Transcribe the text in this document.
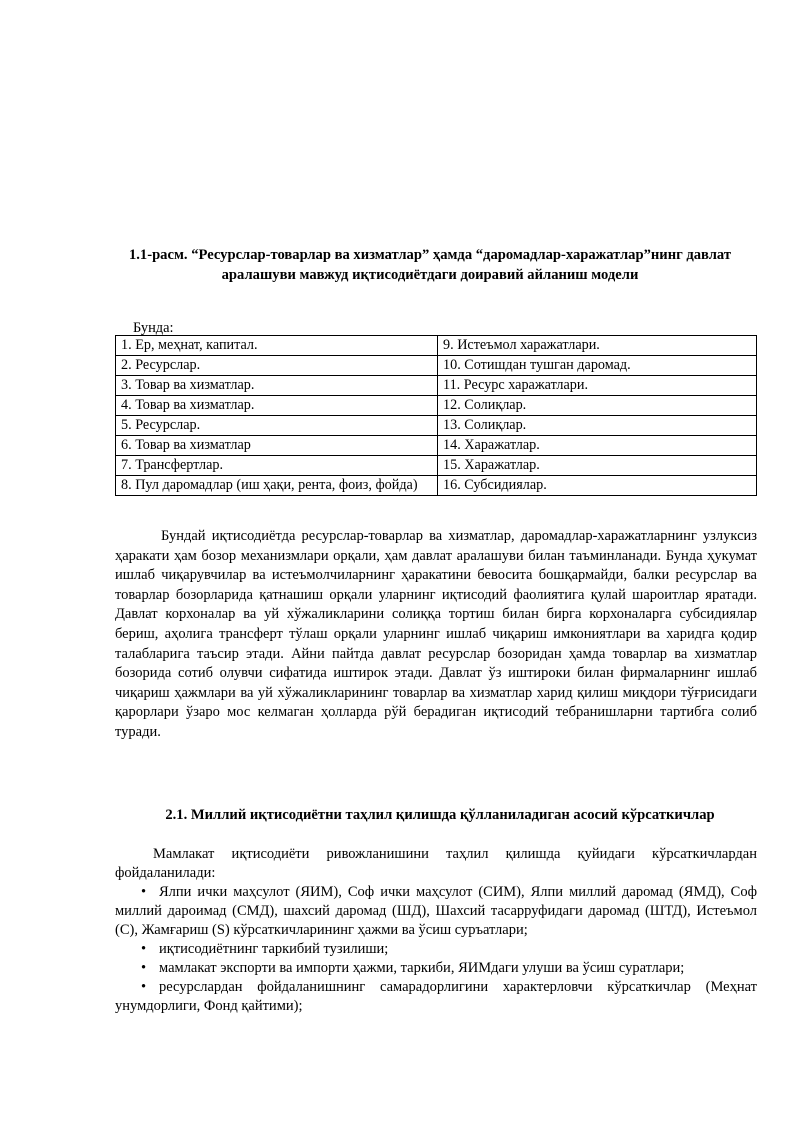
1.1-расм. “Ресурслар-товарлар ва хизматлар” ҳамда “даромадлар-харажатлар”нинг давлат аралашуви мавжуд иқтисодиётдаги доиравий айланиш модели
Бунда:
1. Ер, меҳнат, капитал.	9. Истеъмол харажатлари.
2. Ресурслар.	10. Сотишдан тушган даромад.
3. Товар ва хизматлар.	11. Ресурс харажатлари.
4. Товар ва хизматлар.	12. Солиқлар.
5. Ресурслар.	13. Солиқлар.
6. Товар ва хизматлар	14. Харажатлар.
7. Трансфертлар.	15. Харажатлар.
8. Пул даромадлар (иш ҳақи, рента, фоиз, фойда)	16. Субсидиялар.

Бундай иқтисодиётда ресурслар-товарлар ва хизматлар, даромадлар-харажатларнинг узлуксиз ҳаракати ҳам бозор механизмлари орқали, ҳам давлат аралашуви билан таъминланади. Бунда ҳукумат ишлаб чиқарувчилар ва истеъмолчиларнинг ҳаракатини бевосита бошқармайди, балки ресурслар ва товарлар бозорларида қатнашиш орқали уларнинг иқтисодий фаолиятига қулай шароитлар яратади. Давлат корхоналар ва уй хўжаликларини солиққа тортиш билан бирга корхоналарга субсидиялар бериш, аҳолига трансферт тўлаш орқали уларнинг ишлаб чиқариш имкониятлари ва харидга қодир талабларига таъсир этади. Айни пайтда давлат ресурслар бозоридан ҳамда товарлар ва хизматлар бозорида сотиб олувчи сифатида иштирок этади. Давлат ўз иштироки билан фирмаларнинг ишлаб чиқариш ҳажмлари ва уй хўжаликларининг товарлар ва хизматлар харид қилиш миқдори тўғрисидаги қарорлари ўзаро мос келмаган ҳолларда рўй берадиган иқтисодий тебранишларни тартибга солиб туради.

2.1. Миллий иқтисодиётни таҳлил қилишда қўлланиладиган асосий кўрсаткичлар

Мамлакат иқтисодиёти ривожланишини таҳлил қилишда қуйидаги кўрсаткичлардан фойдаланилади:

• Ялпи ички маҳсулот (ЯИМ), Соф ички маҳсулот (СИМ), Ялпи миллий даромад (ЯМД), Соф миллий дароимад (СМД), шахсий даромад (ШД), Шахсий тасарруфидаги даромад (ШТД), Истеъмол (С), Жамғариш (S) кўрсаткичларининг ҳажми ва ўсиш суръатлари;
• иқтисодиётнинг таркибий тузилиши;
• мамлакат экспорти ва импорти ҳажми, таркиби, ЯИМдаги улуши ва ўсиш суратлари;
• ресурслардан фойдаланишнинг самарадорлигини характерловчи кўрсаткичлар (Меҳнат унумдорлиги, Фонд қайтими);
